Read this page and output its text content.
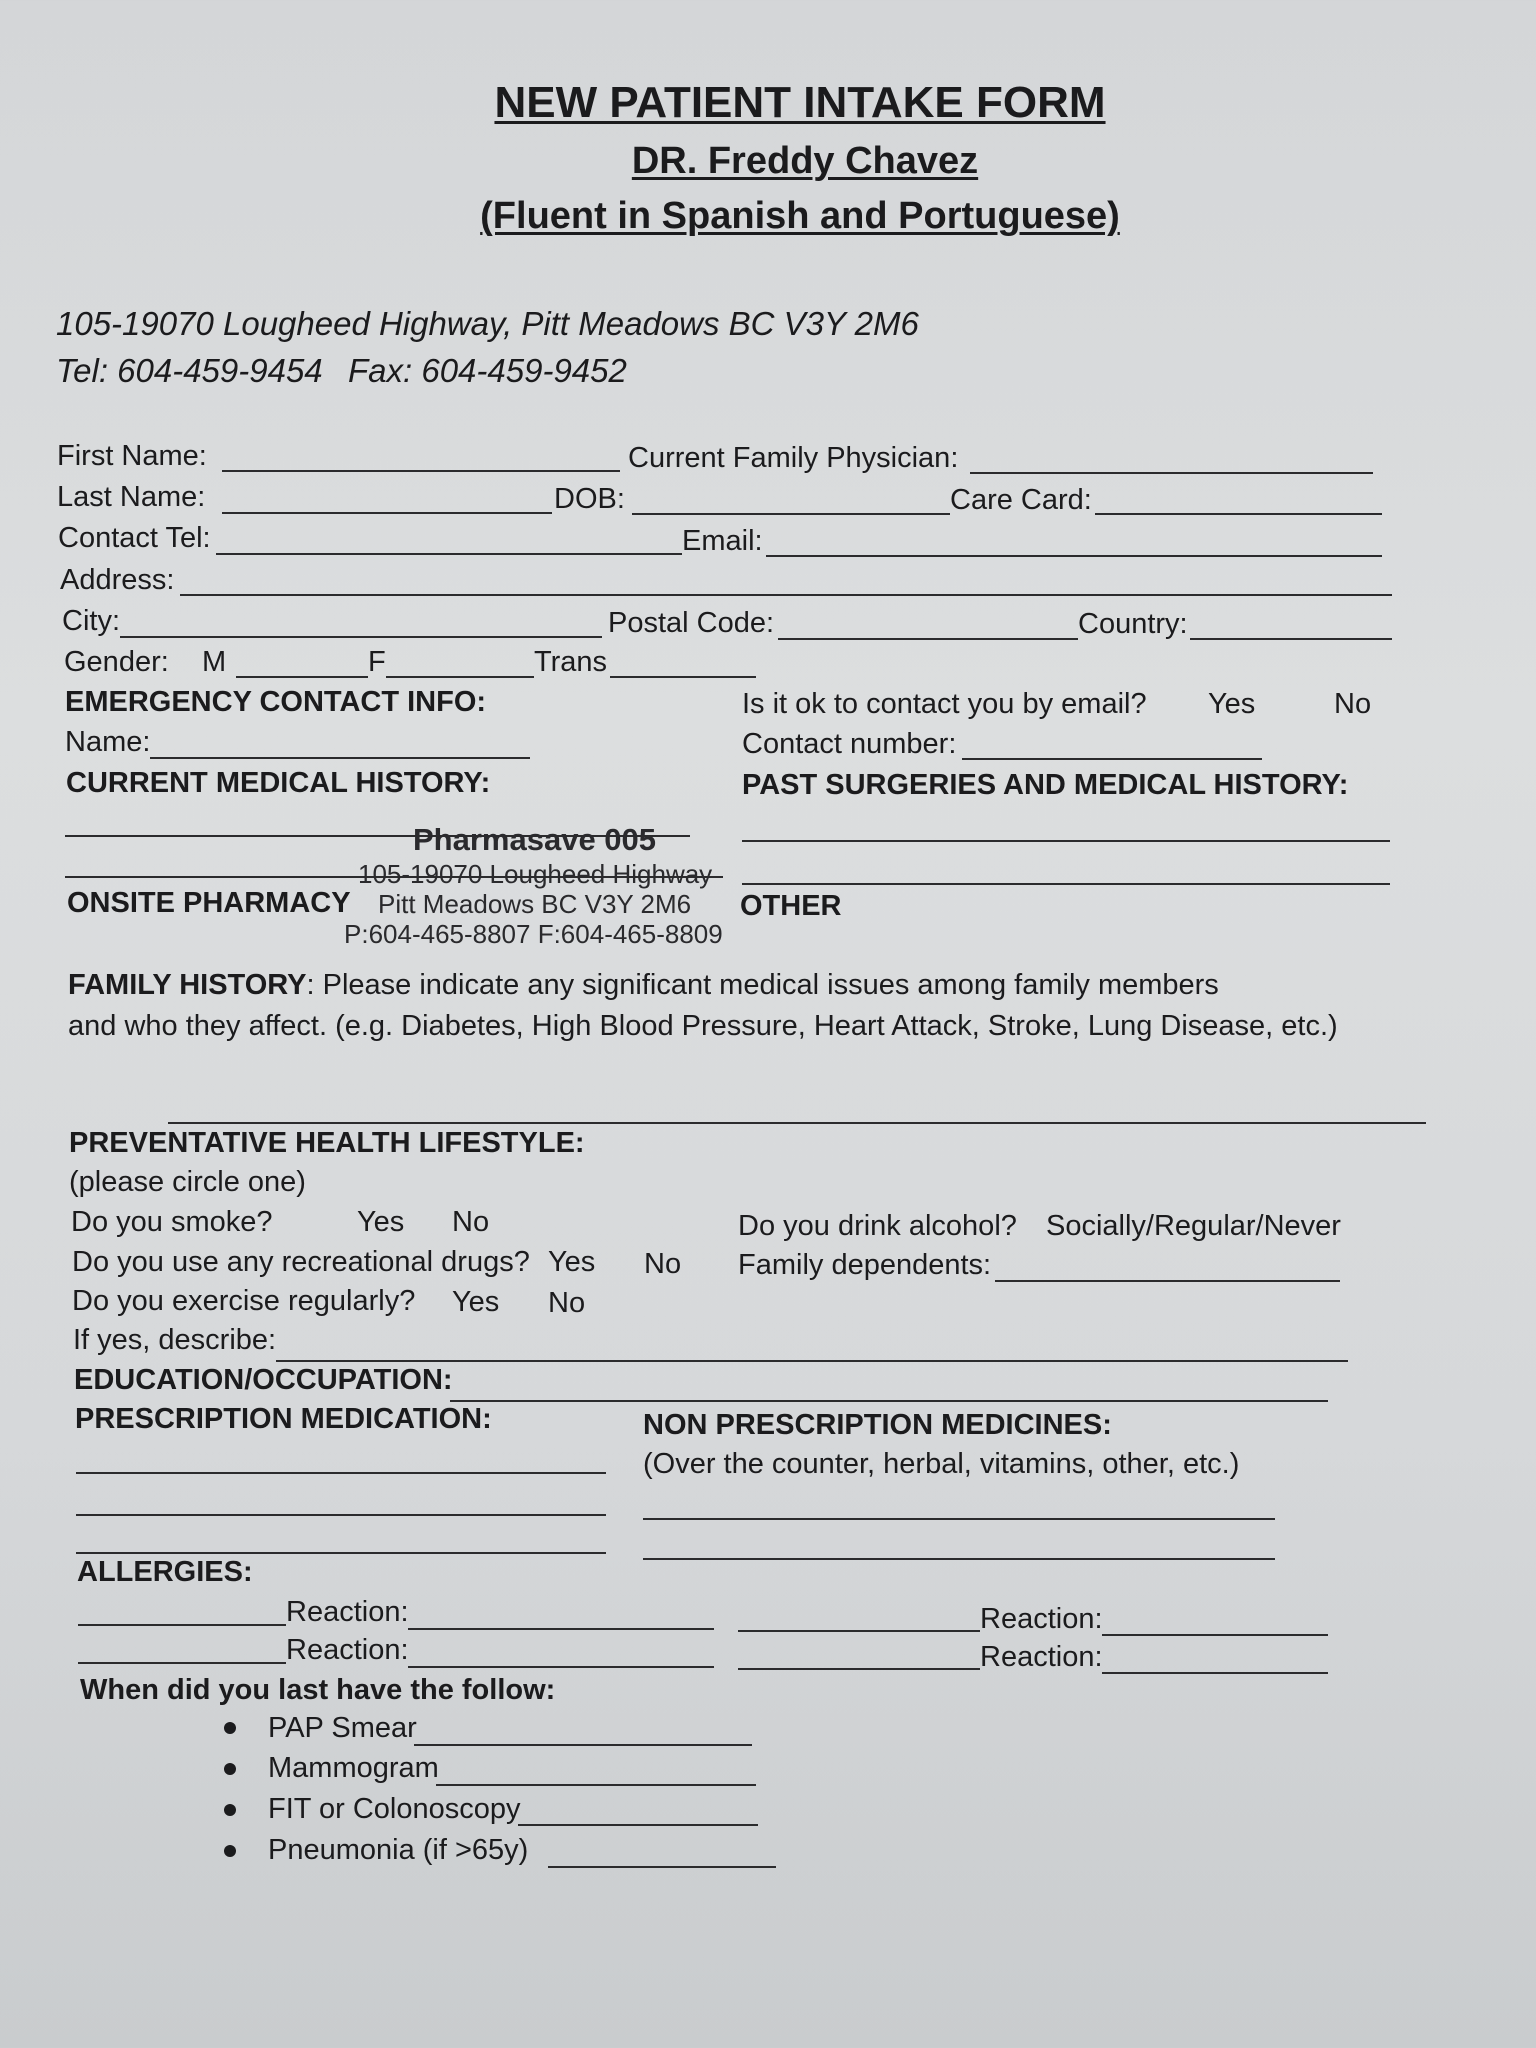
NEW PATIENT INTAKE FORM
DR. Freddy Chavez
(Fluent in Spanish and Portuguese)
105-19070 Lougheed Highway, Pitt Meadows BC V3Y 2M6
Tel: 604-459-9454 Fax: 604-459-9452
First Name:	Current Family Physician:
Last Name:	DOB:	Care Card:
Contact Tel:	Email:
Address:
City:	Postal Code:	Country:
Gender: M	F	Trans
EMERGENCY CONTACT INFO:	Is it ok to contact you by email? Yes	No
Name:	Contact number:
CURRENT MEDICAL HISTORY:	PAST SURGERIES AND MEDICAL HISTORY:
ONSITE PHARMACY	OTHER
Pharmasave 005
105-19070 Lougheed Highway
Pitt Meadows BC V3Y 2M6
P:604-465-8807 F:604-465-8809
FAMILY HISTORY: Please indicate any significant medical issues among family members
and who they affect. (e.g. Diabetes, High Blood Pressure, Heart Attack, Stroke, Lung Disease, etc.)
PREVENTATIVE HEALTH LIFESTYLE:
(please circle one)
Do you smoke?	Yes No	Do you drink alcohol? Socially/Regular/Never
Do you use any recreational drugs? Yes No Family dependents:
Do you exercise regularly? Yes No
If yes, describe:
EDUCATION/OCCUPATION:
PRESCRIPTION MEDICATION:	NON PRESCRIPTION MEDICINES:
(Over the counter, herbal, vitamins, other, etc.)
ALLERGIES:
Reaction:	Reaction:
Reaction:	Reaction:
When did you last have the follow:
PAP Smear
Mammogram
FIT or Colonoscopy
Pneumonia (if >65y)
